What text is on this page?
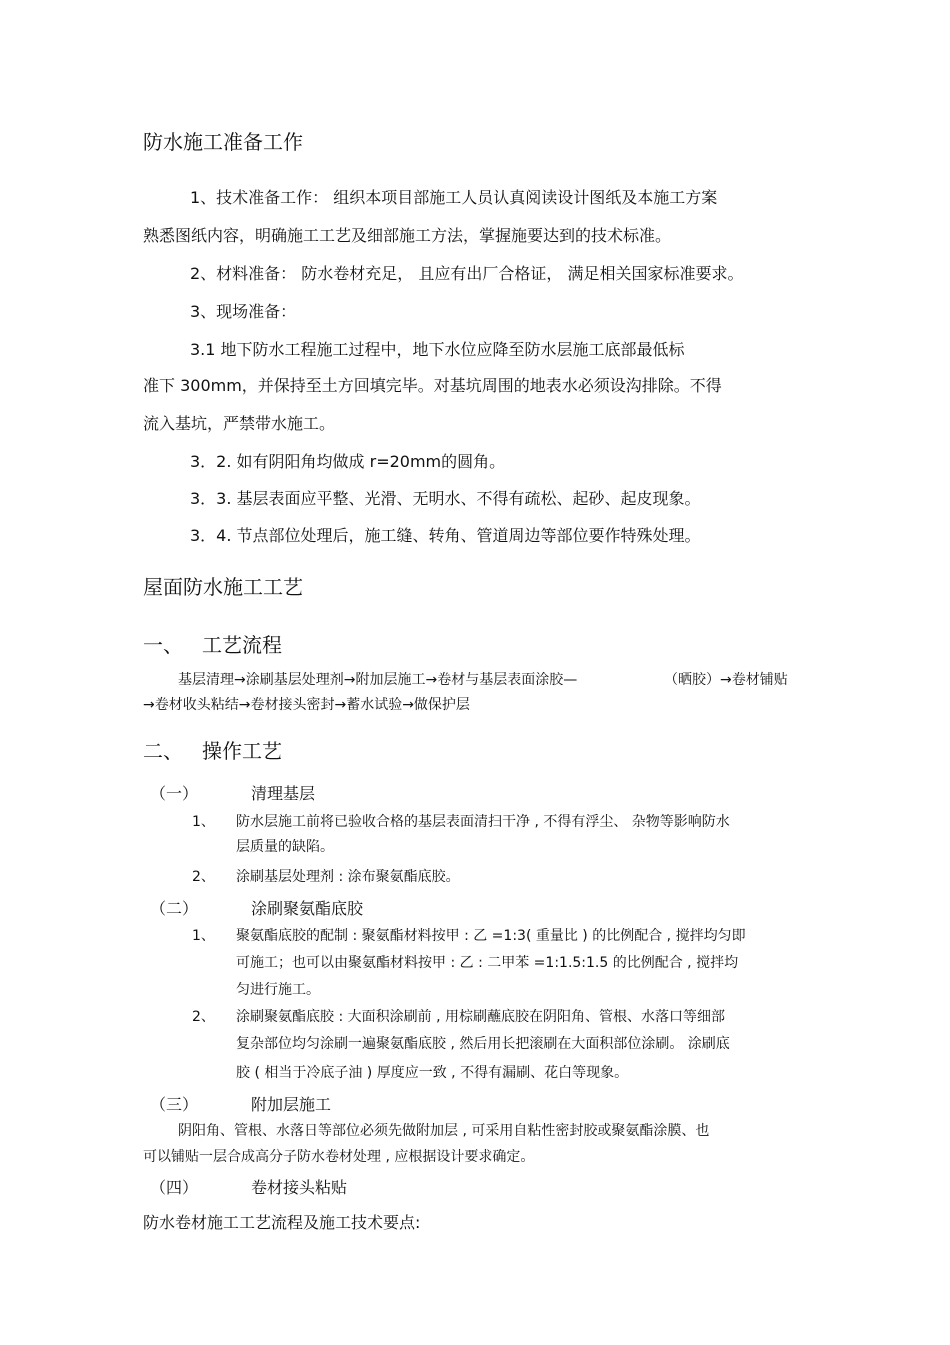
防水施工准备工作
1、技术准备工作： 组织本项目部施工人员认真阅读设计图纸及本施工方案
熟悉图纸内容，明确施工工艺及细部施工方法，掌握施要达到的技术标准。
2、材料准备： 防水卷材充足， 且应有出厂合格证， 满足相关国家标准要求。
3、现场准备：
3.1 地下防水工程施工过程中，地下水位应降至防水层施工底部最低标
准下 300mm，并保持至土方回填完毕。对基坑周围的地表水必须设沟排除。不得
流入基坑，严禁带水施工。
3．2. 如有阴阳角均做成 r=20mm的圆角。
3．3. 基层表面应平整、光滑、无明水、不得有疏松、起砂、起皮现象。
3．4. 节点部位处理后，施工缝、转角、管道周边等部位要作特殊处理。
屋面防水施工工艺
一、 工艺流程
基层清理→涂刷基层处理剂→附加层施工→卷材与基层表面涂胶—	（晒胶）→卷材铺贴
→卷材收头粘结→卷材接头密封→蓄水试验→做保护层
二、 操作工艺
（一）	清理基层
1、 防水层施工前将已验收合格的基层表面清扫干净 , 不得有浮尘、 杂物等影响防水
层质量的缺陷。
2、 涂刷基层处理剂 : 涂布聚氨酯底胶。
（二）	涂刷聚氨酯底胶
1、 聚氨酯底胶的配制 : 聚氨酯材料按甲 : 乙 =1:3( 重量比 ) 的比例配合 , 搅拌均匀即
可施工；也可以由聚氨酯材料按甲 : 乙 : 二甲苯 =1:1.5:1.5 的比例配合 , 搅拌均
匀进行施工。
2、 涂刷聚氨酯底胶 : 大面积涂刷前 , 用棕刷蘸底胶在阴阳角、管根、水落口等细部
复杂部位均匀涂刷一遍聚氨酯底胶 , 然后用长把滚刷在大面积部位涂刷。 涂刷底
胶 ( 相当于冷底子油 ) 厚度应一致 , 不得有漏刷、花白等现象。
（三）	附加层施工
阴阳角、管根、水落日等部位必须先做附加层 , 可采用自粘性密封胶或聚氨酯涂膜、也
可以铺贴一层合成高分子防水卷材处理 , 应根据设计要求确定。
（四）	卷材接头粘贴
防水卷材施工工艺流程及施工技术要点:
